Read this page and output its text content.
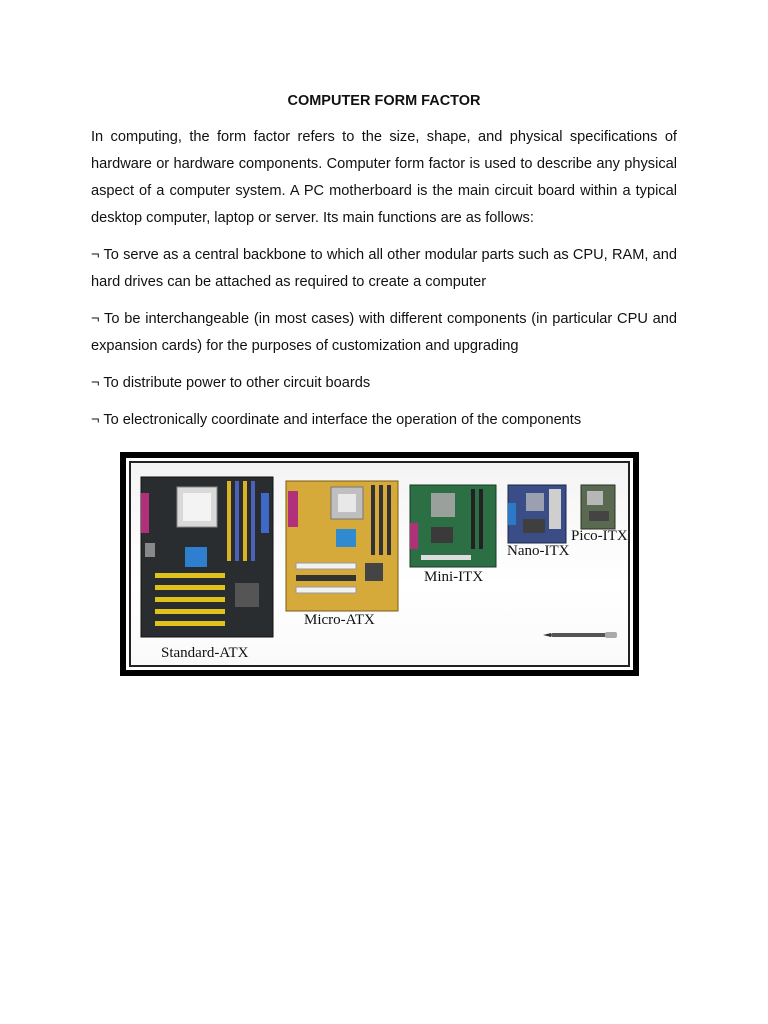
COMPUTER FORM FACTOR

In computing, the form factor refers to the size, shape, and physical specifications of hardware or hardware components. Computer form factor is used to describe any physical aspect of a computer system. A PC motherboard is the main circuit board within a typical desktop computer, laptop or server. Its main functions are as follows:

¬ To serve as a central backbone to which all other modular parts such as CPU, RAM, and hard drives can be attached as required to create a computer

¬ To be interchangeable (in most cases) with different components (in particular CPU and expansion cards) for the purposes of customization and upgrading

¬ To distribute power to other circuit boards

¬ To electronically coordinate and interface the operation of the components

Standard-ATX
Micro-ATX
Mini-ITX
Nano-ITX
Pico-ITX
